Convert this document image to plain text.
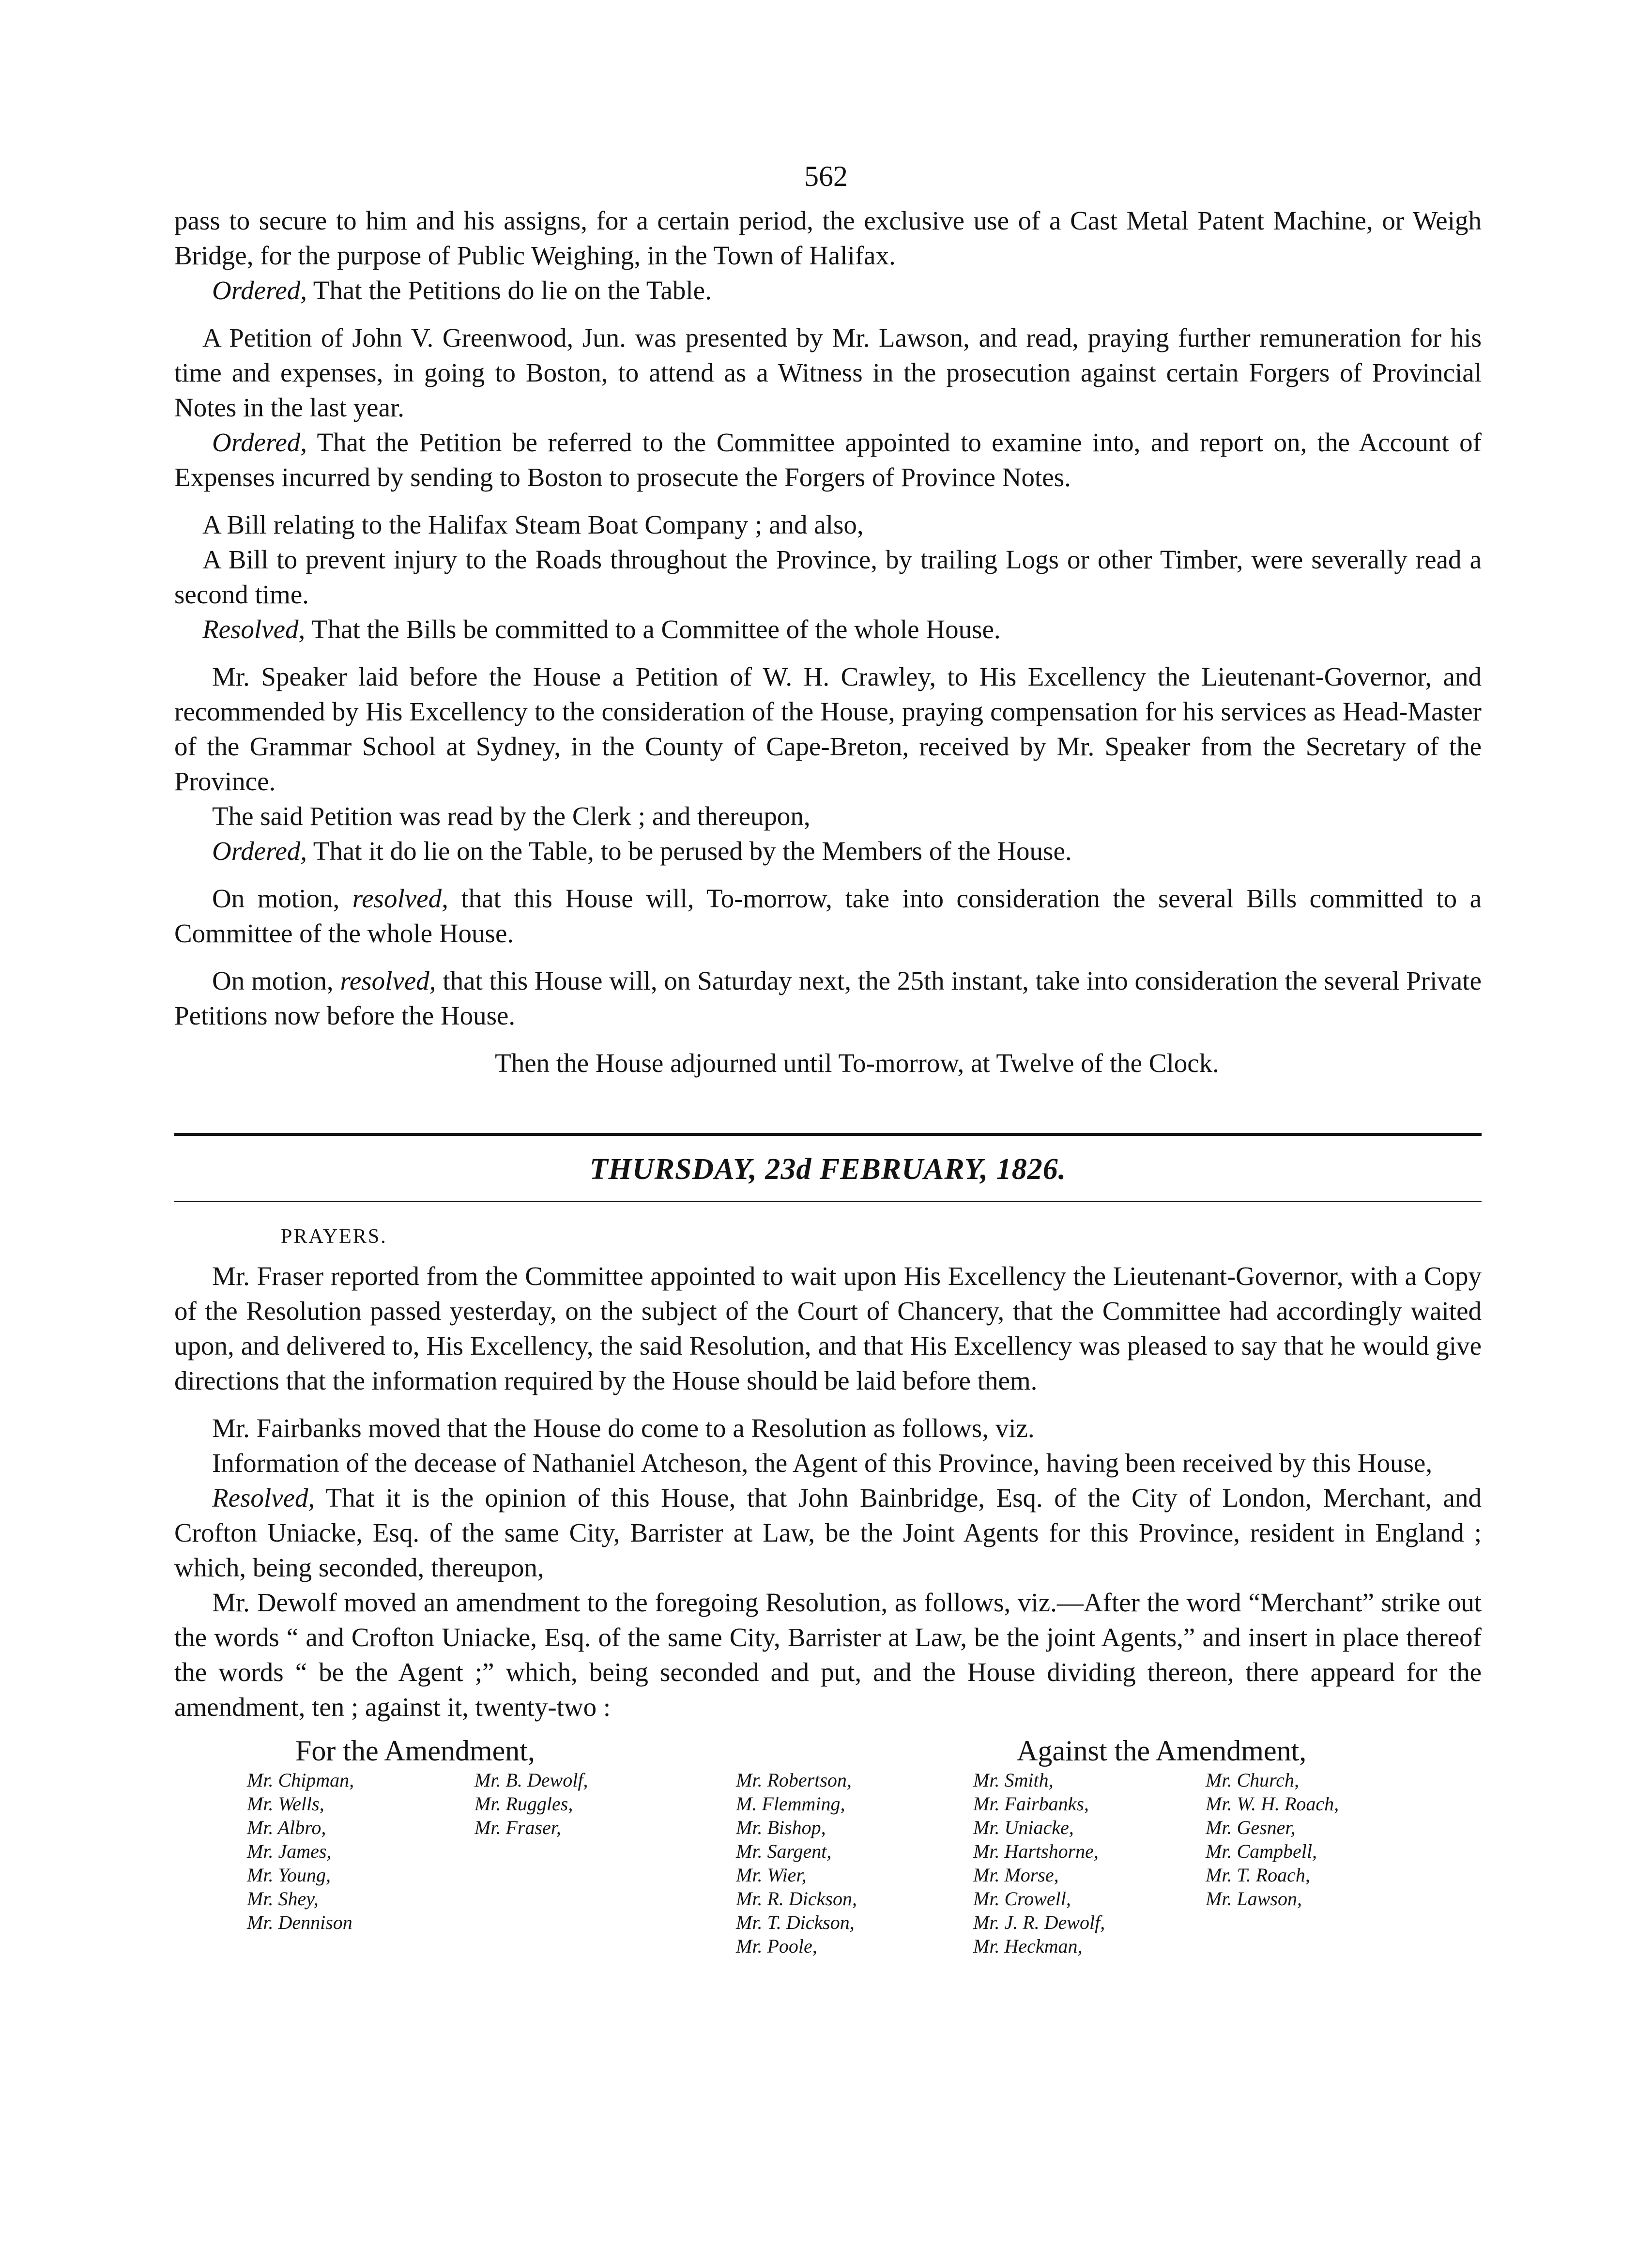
562

pass to secure to him and his assigns, for a certain period, the exclusive use of a Cast Metal Patent Machine, or Weigh Bridge, for the purpose of Public Weighing, in the Town of Halifax.

Ordered, That the Petitions do lie on the Table.

A Petition of John V. Greenwood, Jun. was presented by Mr. Lawson, and read, praying further remuneration for his time and expenses, in going to Boston, to attend as a Witness in the prosecution against certain Forgers of Provincial Notes in the last year.

Ordered, That the Petition be referred to the Committee appointed to examine into, and report on, the Account of Expenses incurred by sending to Boston to prosecute the Forgers of Province Notes.

A Bill relating to the Halifax Steam Boat Company ; and also,

A Bill to prevent injury to the Roads throughout the Province, by trailing Logs or other Timber, were severally read a second time.

Resolved, That the Bills be committed to a Committee of the whole House.

Mr. Speaker laid before the House a Petition of W. H. Crawley, to His Excellency the Lieutenant-Governor, and recommended by His Excellency to the consideration of the House, praying compensation for his services as Head-Master of the Grammar School at Sydney, in the County of Cape-Breton, received by Mr. Speaker from the Secretary of the Province.

The said Petition was read by the Clerk ; and thereupon,

Ordered, That it do lie on the Table, to be perused by the Members of the House.

On motion, resolved, that this House will, To-morrow, take into consideration the several Bills committed to a Committee of the whole House.

On motion, resolved, that this House will, on Saturday next, the 25th instant, take into consideration the several Private Petitions now before the House.

Then the House adjourned until To-morrow, at Twelve of the Clock.

THURSDAY, 23d FEBRUARY, 1826.
PRAYERS.

Mr. Fraser reported from the Committee appointed to wait upon His Excellency the Lieutenant-Governor, with a Copy of the Resolution passed yesterday, on the subject of the Court of Chancery, that the Committee had accordingly waited upon, and delivered to, His Excellency, the said Resolution, and that His Excellency was pleased to say that he would give directions that the information required by the House should be laid before them.

Mr. Fairbanks moved that the House do come to a Resolution as follows, viz.

Information of the decease of Nathaniel Atcheson, the Agent of this Province, having been received by this House,

Resolved, That it is the opinion of this House, that John Bainbridge, Esq. of the City of London, Merchant, and Crofton Uniacke, Esq. of the same City, Barrister at Law, be the Joint Agents for this Province, resident in England ; which, being seconded, thereupon,

Mr. Dewolf moved an amendment to the foregoing Resolution, as follows, viz.—After the word “Merchant” strike out the words “ and Crofton Uniacke, Esq. of the same City, Barrister at Law, be the joint Agents,” and insert in place thereof the words “ be the Agent ;” which, being seconded and put, and the House dividing thereon, there appeard for the amendment, ten ; against it, twenty-two :

For the Amendment,	Against the Amendment,
Mr. Chipman,
Mr. Wells,
Mr. Albro,
Mr. James,
Mr. Young,
Mr. Shey,
Mr. Dennison
Mr. B. Dewolf,
Mr. Ruggles,
Mr. Fraser,
Mr. Robertson,
M. Flemming,
Mr. Bishop,
Mr. Sargent,
Mr. Wier,
Mr. R. Dickson,
Mr. T. Dickson,
Mr. Poole,
Mr. Smith,
Mr. Fairbanks,
Mr. Uniacke,
Mr. Hartshorne,
Mr. Morse,
Mr. Crowell,
Mr. J. R. Dewolf,
Mr. Heckman,
Mr. Church,
Mr. W. H. Roach,
Mr. Gesner,
Mr. Campbell,
Mr. T. Roach,
Mr. Lawson,
